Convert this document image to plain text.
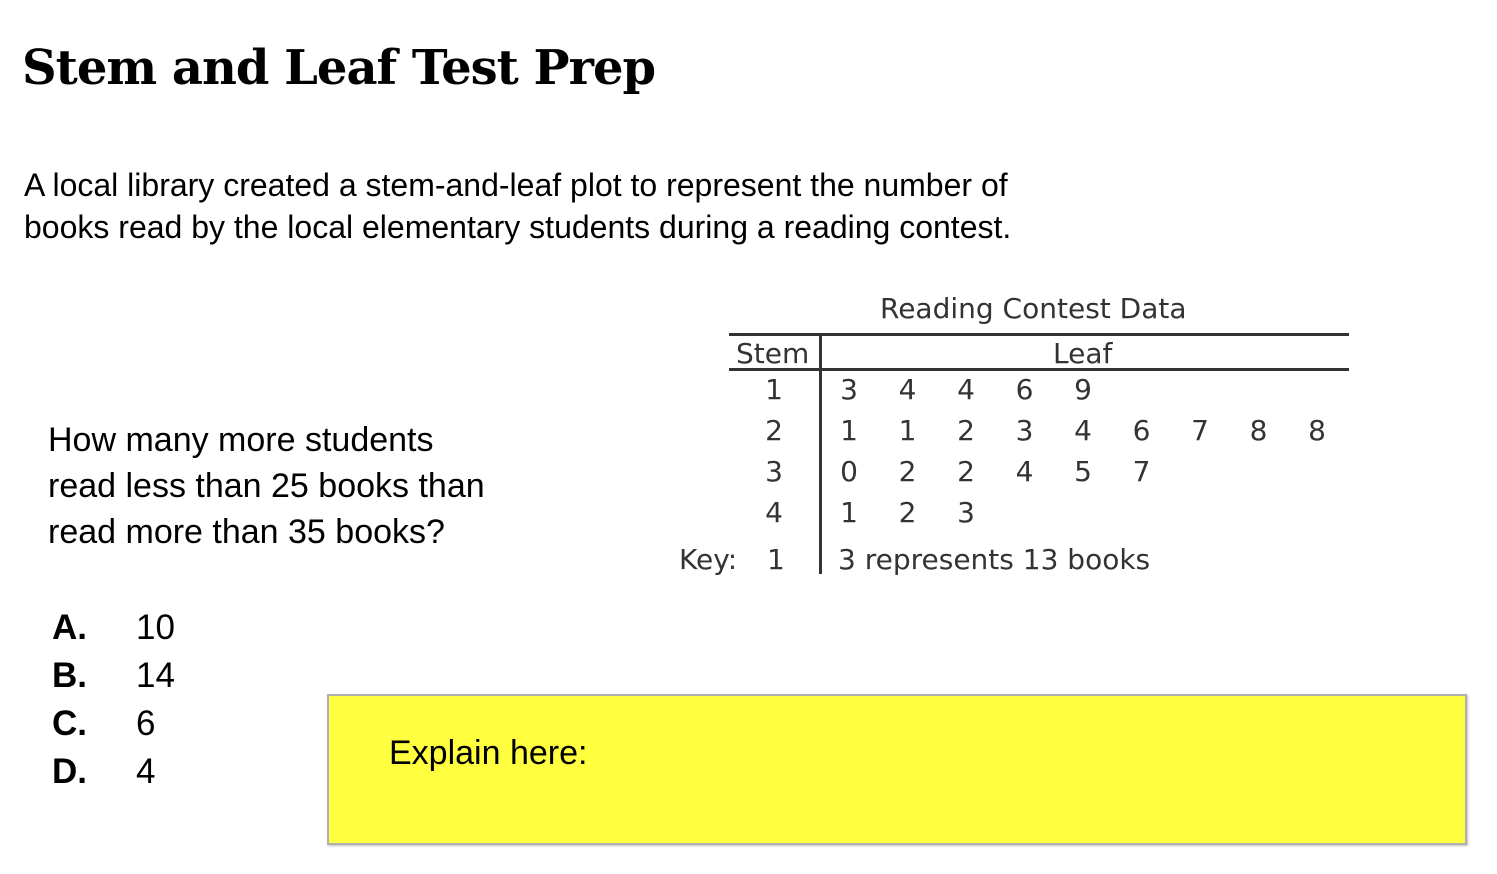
Stem and Leaf Test Prep
A local library created a stem-and-leaf plot to represent the number of
books read by the local elementary students during a reading contest.
How many more students
read less than 25 books than
read more than 35 books?
A.	10
B.	14
C.	6
D.	4
Reading Contest Data
Stem	Leaf
1	3 4 4 6 9
2	1 1 2 3 4 6 7 8 8
3	0 2 2 4 5 7
4	1 2 3
Key: 1 3 represents 13 books
Explain here:
